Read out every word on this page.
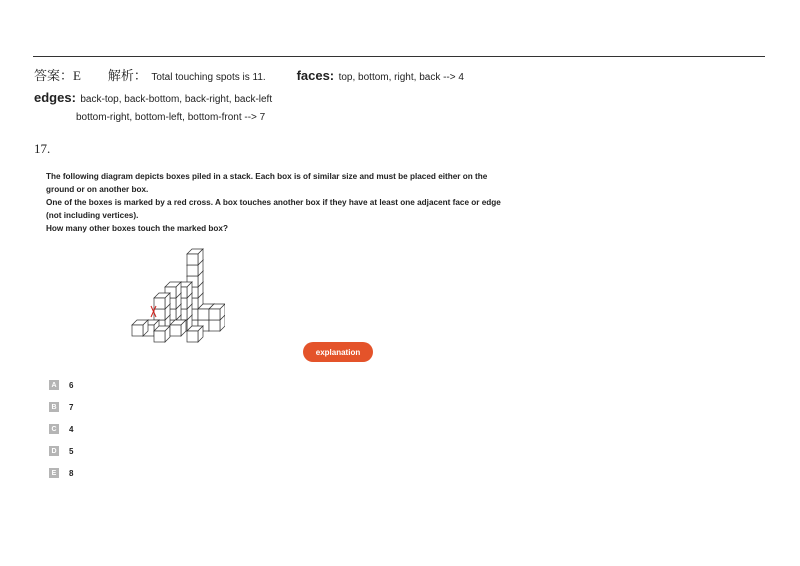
答案：E 解析： Total touching spots is 11. faces: top, bottom, right, back --> 4
edges: back-top, back-bottom, back-right, back-left
bottom-right, bottom-left, bottom-front --> 7
17.

The following diagram depicts boxes piled in a stack. Each box is of similar size and must be placed either on the

ground or on another box.

One of the boxes is marked by a red cross. A box touches another box if they have at least one adjacent face or edge

(not including vertices).

How many other boxes touch the marked box?

explanation
A	6
B	7
C	4
D	5
E	8
